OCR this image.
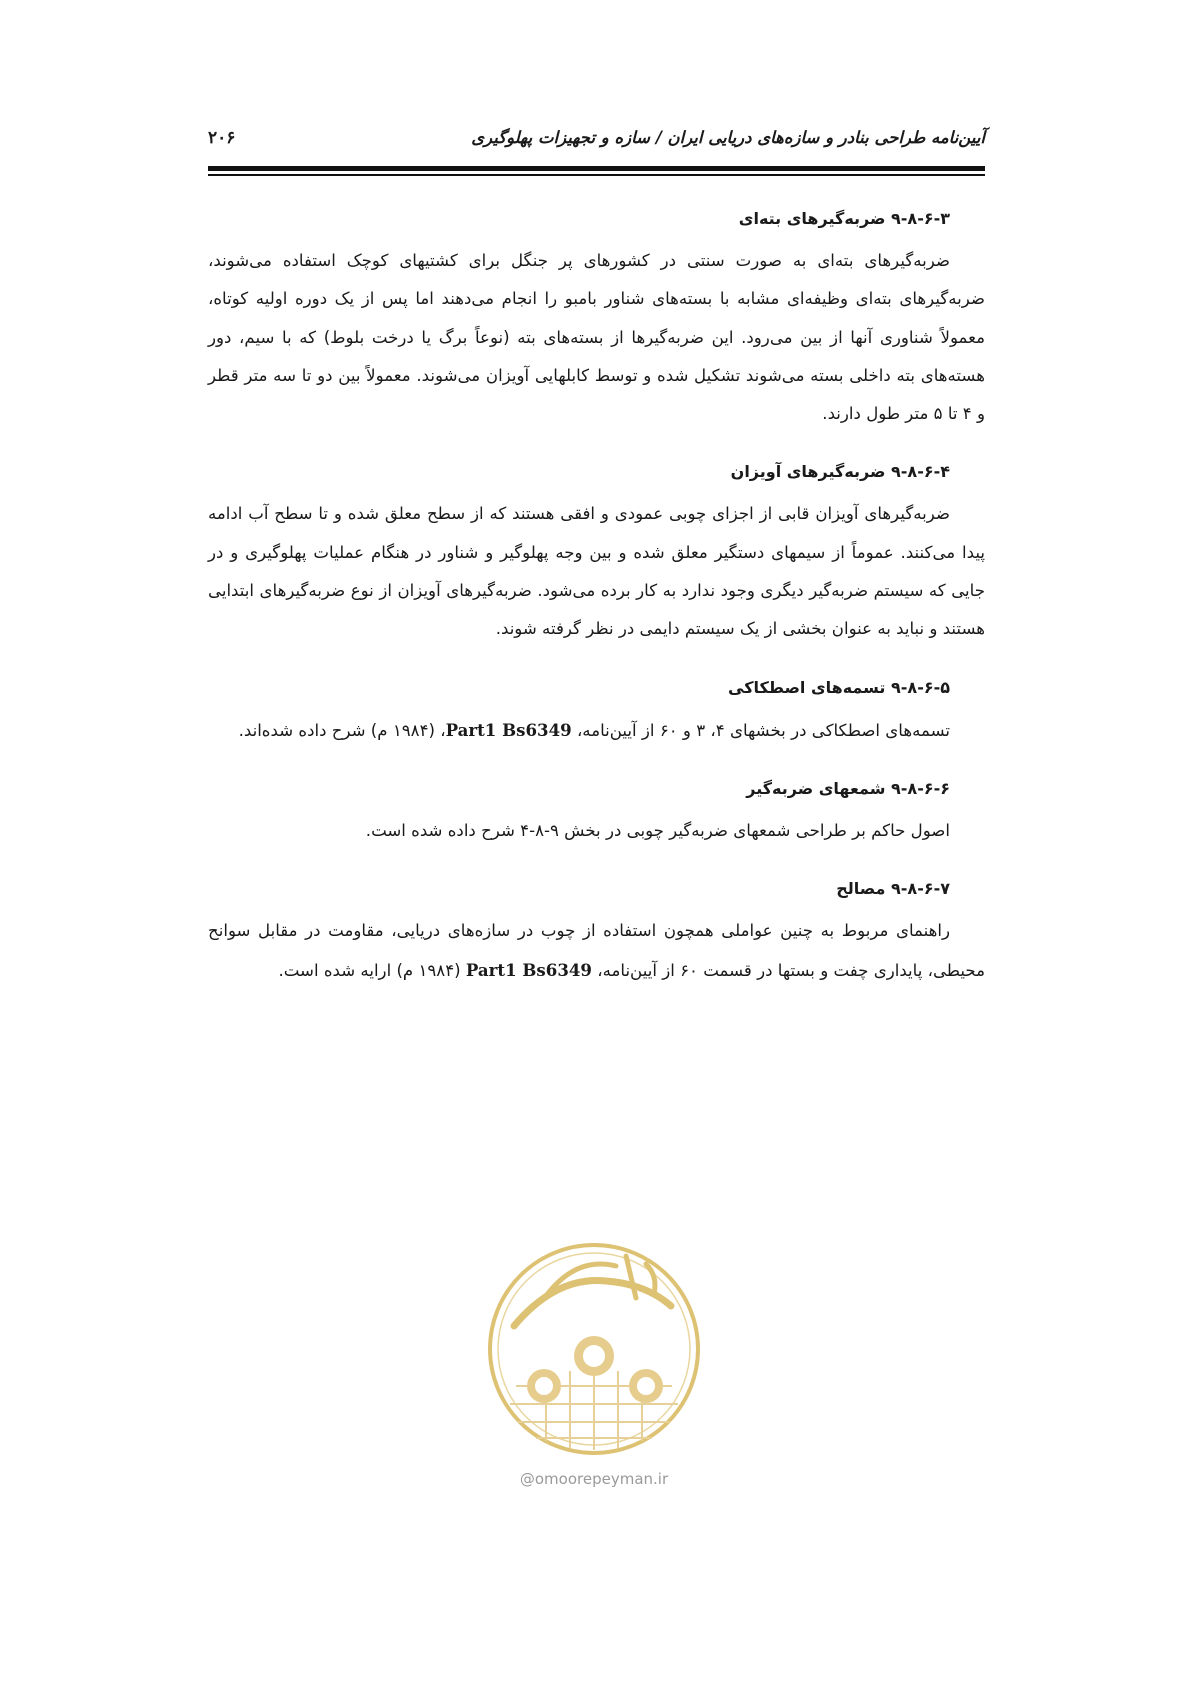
آیین‌نامه طراحی بنادر و سازه‌های دریایی ایران / سازه و تجهیزات پهلوگیری
۲۰۶
۹-۸-۶-۳ ضربه‌گیرهای بته‌ای

ضربه‌گیرهای بته‌ای به صورت سنتی در کشورهای پر جنگل برای کشتیهای کوچک استفاده می‌شوند، ضربه‌گیرهای بته‌ای وظیفه‌ای مشابه با بسته‌های شناور بامبو را انجام می‌دهند اما پس از یک دوره اولیه کوتاه، معمولاً شناوری آنها از بین می‌رود. این ضربه‌گیرها از بسته‌های بته (نوعاً برگ یا درخت بلوط) که با سیم، دور هسته‌های بته داخلی بسته می‌شوند تشکیل شده و توسط کابلهایی آویزان می‌شوند. معمولاً بین دو تا سه متر قطر و ۴ تا ۵ متر طول دارند.

۹-۸-۶-۴ ضربه‌گیرهای آویزان

ضربه‌گیرهای آویزان قابی از اجزای چوبی عمودی و افقی هستند که از سطح معلق شده و تا سطح آب ادامه پیدا می‌کنند. عموماً از سیمهای دستگیر معلق شده و بین وجه پهلوگیر و شناور در هنگام عملیات پهلوگیری و در جایی که سیستم ضربه‌گیر دیگری وجود ندارد به کار برده می‌شود. ضربه‌گیرهای آویزان از نوع ضربه‌گیرهای ابتدایی هستند و نباید به عنوان بخشی از یک سیستم دایمی در نظر گرفته شوند.

۹-۸-۶-۵ تسمه‌های اصطکاکی

تسمه‌های اصطکاکی در بخشهای ۴، ۳ و ۶۰ از آیین‌نامه، Part1 Bs6349، (۱۹۸۴ م) شرح داده شده‌اند.

۹-۸-۶-۶ شمعهای ضربه‌گیر

اصول حاکم بر طراحی شمعهای ضربه‌گیر چوبی در بخش ۹-۸-۴ شرح داده شده است.

۹-۸-۶-۷ مصالح

راهنمای مربوط به چنین عواملی همچون استفاده از چوب در سازه‌های دریایی، مقاومت در مقابل سوانح محیطی، پایداری چفت و بستها در قسمت ۶۰ از آیین‌نامه، Part1 Bs6349 (۱۹۸۴ م) ارایه شده است.

@omoorepeyman.ir
